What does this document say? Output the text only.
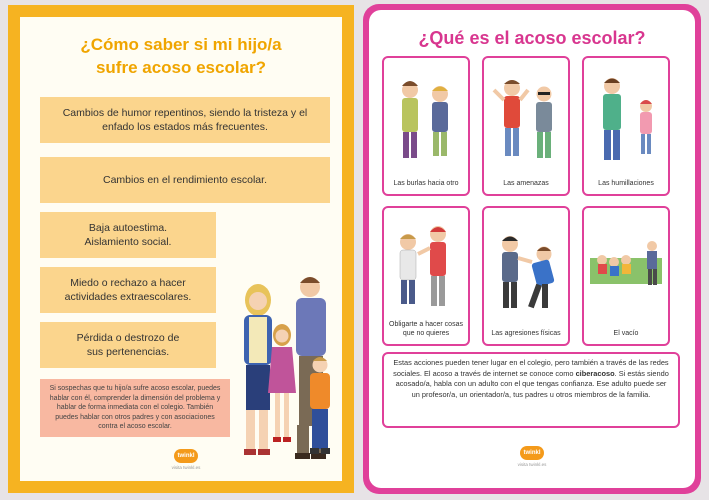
¿Cómo saber si mi hijo/a
sufre acoso escolar?
Cambios de humor repentinos, siendo la tristeza y el enfado los estados más frecuentes.
Cambios en el rendimiento escolar.
Baja autoestima. Aislamiento social.
Miedo o rechazo a hacer actividades extraescolares.
Pérdida o destrozo de sus pertenencias.
Si sospechas que tu hijo/a sufre acoso escolar, puedes hablar con él, comprender la dimensión del problema y hablar de forma inmediata con el colegio. También puedes hablar con otros padres y con asociaciones contra el acoso escolar.
twinkl
visita twinkl.es
¿Qué es el acoso escolar?
Las burlas hacia otro	Las amenazas	Las humillaciones
Obligarte a hacer cosas que no quieres	Las agresiones físicas	El vacío
Estas acciones pueden tener lugar en el colegio, pero también a través de las redes sociales. El acoso a través de internet se conoce como ciberacoso. Si estás siendo acosado/a, habla con un adulto con el que tengas confianza. Ese adulto puede ser un profesor/a, un orientador/a, tus padres u otros miembros de la familia.
twinkl
visita twinkl.es
